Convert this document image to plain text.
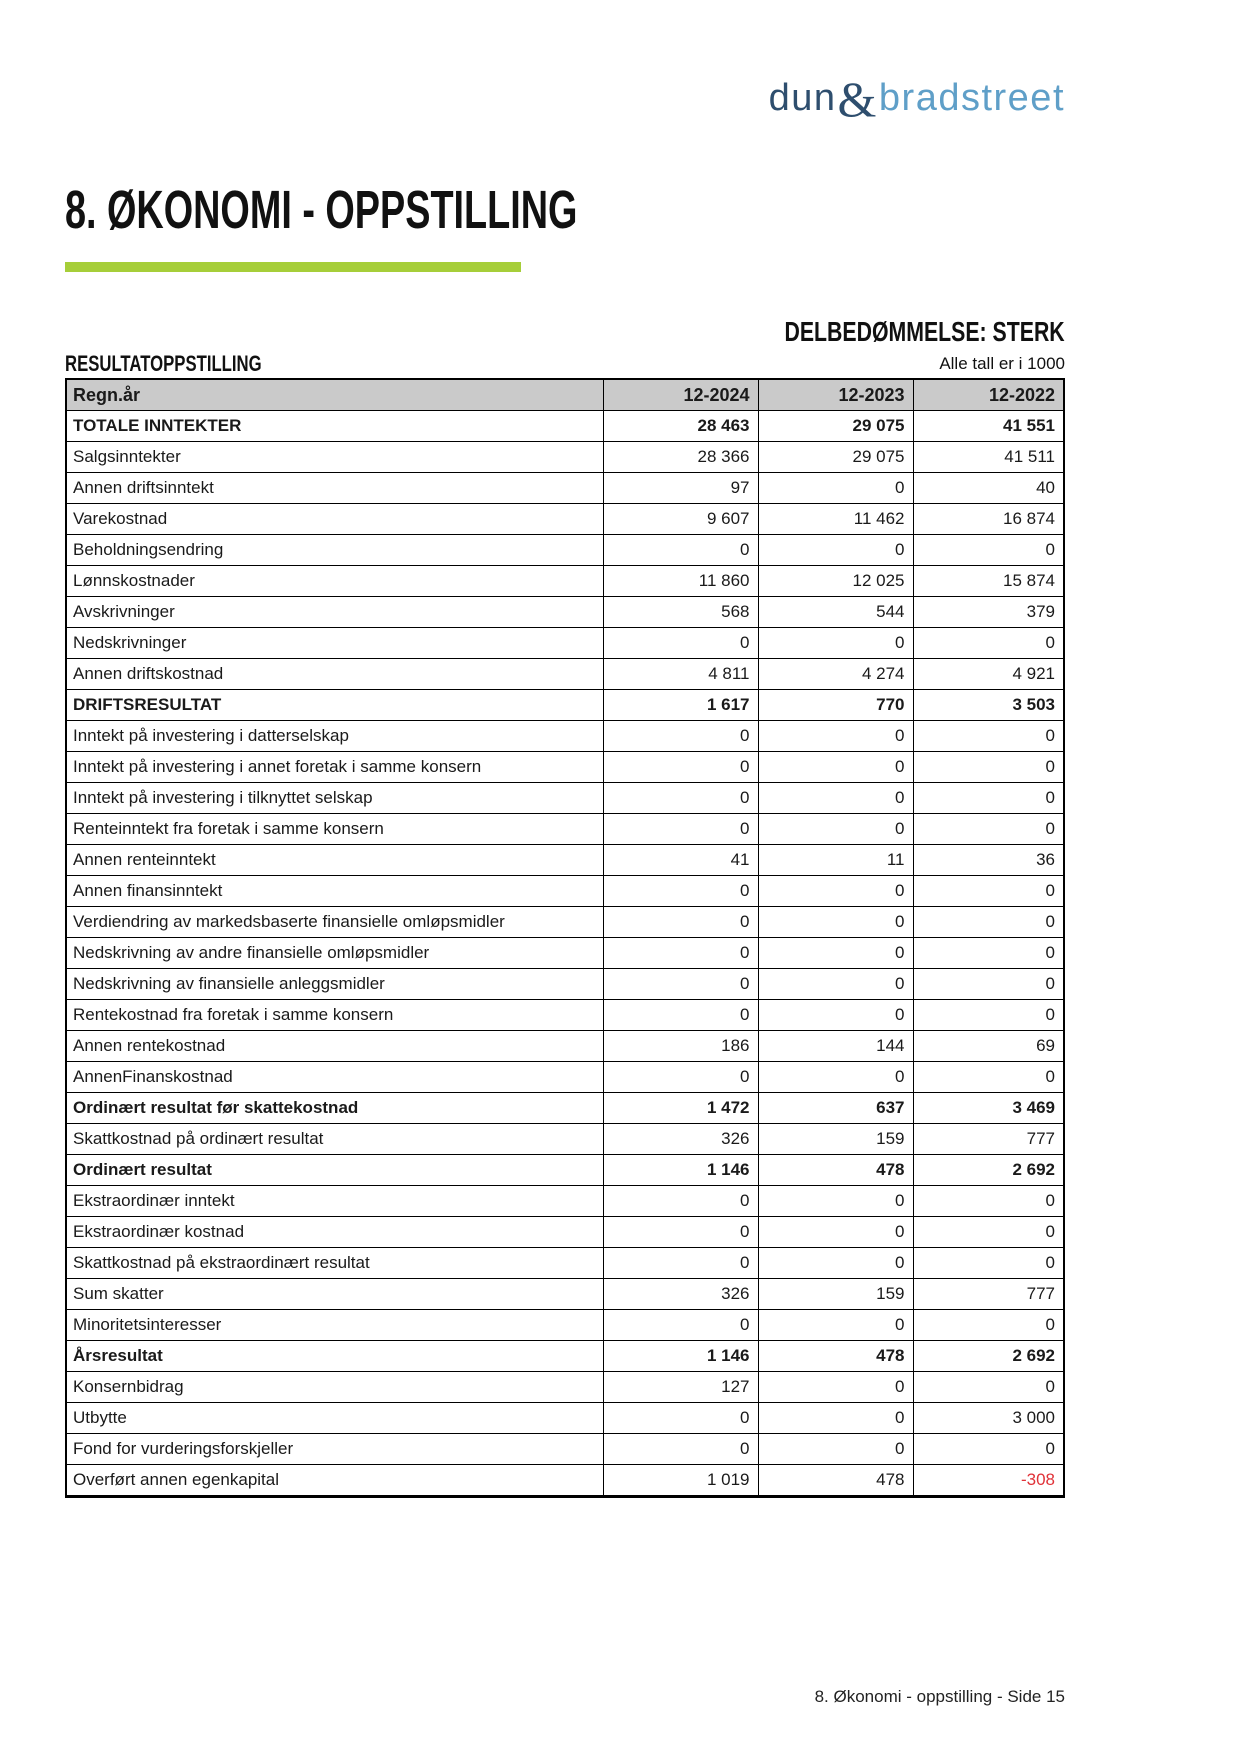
dun&bradstreet
8. ØKONOMI - OPPSTILLING
DELBEDØMMELSE: STERK
RESULTATOPPSTILLING	Alle tall er i 1000
Regn.år	12-2024	12-2023	12-2022
TOTALE INNTEKTER	28 463	29 075	41 551
Salgsinntekter	28 366	29 075	41 511
Annen driftsinntekt	97	0	40
Varekostnad	9 607	11 462	16 874
Beholdningsendring	0	0	0
Lønnskostnader	11 860	12 025	15 874
Avskrivninger	568	544	379
Nedskrivninger	0	0	0
Annen driftskostnad	4 811	4 274	4 921
DRIFTSRESULTAT	1 617	770	3 503
Inntekt på investering i datterselskap	0	0	0
Inntekt på investering i annet foretak i samme konsern	0	0	0
Inntekt på investering i tilknyttet selskap	0	0	0
Renteinntekt fra foretak i samme konsern	0	0	0
Annen renteinntekt	41	11	36
Annen finansinntekt	0	0	0
Verdiendring av markedsbaserte finansielle omløpsmidler	0	0	0
Nedskrivning av andre finansielle omløpsmidler	0	0	0
Nedskrivning av finansielle anleggsmidler	0	0	0
Rentekostnad fra foretak i samme konsern	0	0	0
Annen rentekostnad	186	144	69
AnnenFinanskostnad	0	0	0
Ordinært resultat før skattekostnad	1 472	637	3 469
Skattkostnad på ordinært resultat	326	159	777
Ordinært resultat	1 146	478	2 692
Ekstraordinær inntekt	0	0	0
Ekstraordinær kostnad	0	0	0
Skattkostnad på ekstraordinært resultat	0	0	0
Sum skatter	326	159	777
Minoritetsinteresser	0	0	0
Årsresultat	1 146	478	2 692
Konsernbidrag	127	0	0
Utbytte	0	0	3 000
Fond for vurderingsforskjeller	0	0	0
Overført annen egenkapital	1 019	478	-308
8. Økonomi - oppstilling - Side 15
